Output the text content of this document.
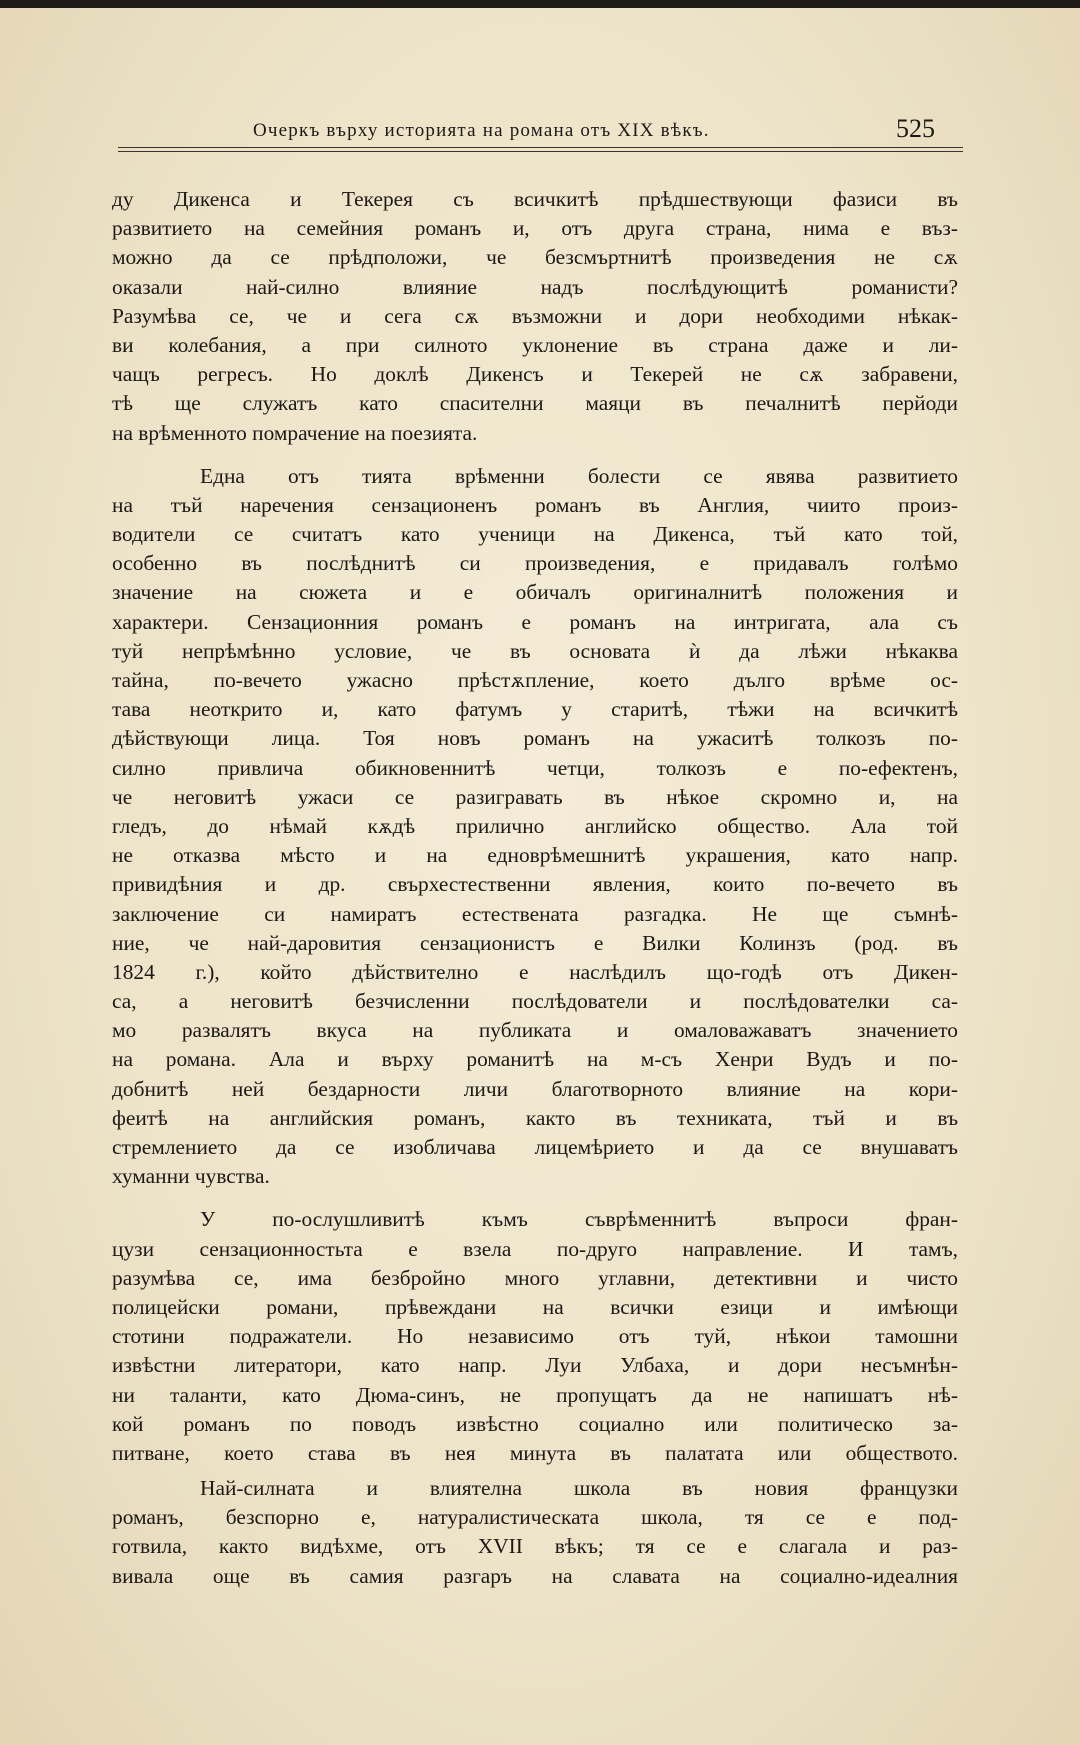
Очеркъ върху историята на романа отъ XIX вѣкъ.	525
ду Дикенса и Текерея съ всичкитѣ прѣдшествующи фазиси въ
развитието на семейния романъ и, отъ друга страна, нима е въз-
можно да се прѣдположи, че безсмъртнитѣ произведения не сѫ
оказали най-силно влияние надъ послѣдующитѣ романисти?
Разумѣва се, че и сега сѫ възможни и дори необходими нѣкак-
ви колебания, а при силното уклонение въ страна даже и ли-
чащъ регресъ. Но доклѣ Дикенсъ и Текерей не сѫ забравени,
тѣ ще служатъ като спасителни маяци въ печалнитѣ перйоди
на врѣменното помрачение на поезията.
Една отъ тията врѣменни болести се явява развитието
на тъй наречения сензационенъ романъ въ Англия, чиито произ-
водители се считатъ като ученици на Дикенса, тъй като той,
особенно въ послѣднитѣ си произведения, е придавалъ голѣмо
значение на сюжета и е обичалъ оригиналнитѣ положения и
характери. Сензационния романъ е романъ на интригата, ала съ
туй непрѣмѣнно условие, че въ основата ѝ да лѣжи нѣкаква
тайна, по-вечето ужасно прѣстѫпление, което дълго врѣме ос-
тава неоткрито и, като фатумъ у старитѣ, тѣжи на всичкитѣ
дѣйствующи лица. Тоя новъ романъ на ужаситѣ толкозъ по-
силно привлича обикновеннитѣ четци, толкозъ е по-ефектенъ,
че неговитѣ ужаси се разигравать въ нѣкое скромно и, на
гледъ, до нѣмай кѫдѣ прилично английско общество. Ала той
не отказва мѣсто и на едноврѣмешнитѣ украшения, като напр.
привидѣния и др. свърхестественни явления, които по-вечето въ
заключение си намиратъ естествената разгадка. Не ще съмнѣ-
ние, че най-даровития сензационистъ е Вилки Колинзъ (род. въ
1824 г.), който дѣйствително е наслѣдилъ що-годѣ отъ Дикен-
са, а неговитѣ безчисленни послѣдователи и послѣдователки са-
мо развалятъ вкуса на публиката и омаловажаватъ значението
на романа. Ала и върху романитѣ на м-съ Хенри Вудъ и по-
добнитѣ ней бездарности личи благотворното влияние на кори-
феитѣ на английския романъ, както въ техниката, тъй и въ
стремлението да се изобличава лицемѣрието и да се внушаватъ
хуманни чувства.
У по-ослушливитѣ къмъ съврѣменнитѣ въпроси фран-
цузи сензационностьта е взела по-друго направление. И тамъ,
разумѣва се, има безбройно много углавни, детективни и чисто
полицейски романи, прѣвеждани на всички езици и имѣющи
стотини подражатели. Но независимо отъ туй, нѣкои тамошни
извѣстни литератори, като напр. Луи Улбаха, и дори несъмнѣн-
ни таланти, като Дюма-синъ, не пропущатъ да не напишатъ нѣ-
кой романъ по поводъ извѣстно социално или политическо за-
питване, което става въ нея минута въ палатата или обществото.
Най-силната и влиятелна школа въ новия французки
романъ, безспорно е, натуралистическата школа, тя се е под-
готвила, както видѣхме, отъ XVII вѣкъ; тя се е слагала и раз-
вивала още въ самия разгаръ на славата на социално-идеалния
